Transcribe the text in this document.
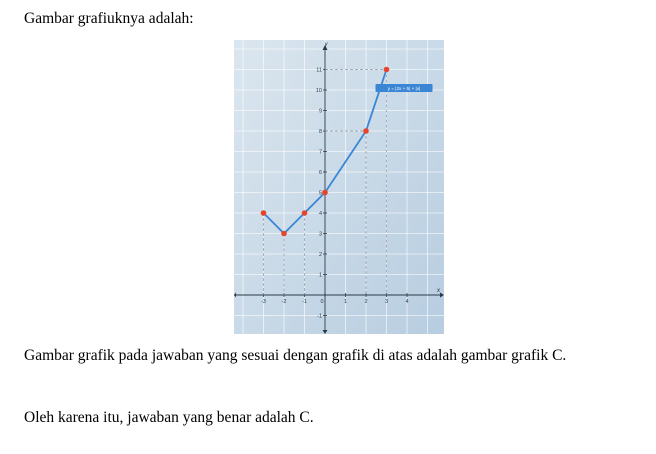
Gambar grafiuknya adalah:
x
y
-3	-2	-1 0	1	2	3	4
-1
1
2
3
4
5
6
7
8
9
10
11
y = |2x + 5| + |x|
Gambar grafik pada jawaban yang sesuai dengan grafik di atas adalah gambar grafik C.
Oleh karena itu, jawaban yang benar adalah C.
